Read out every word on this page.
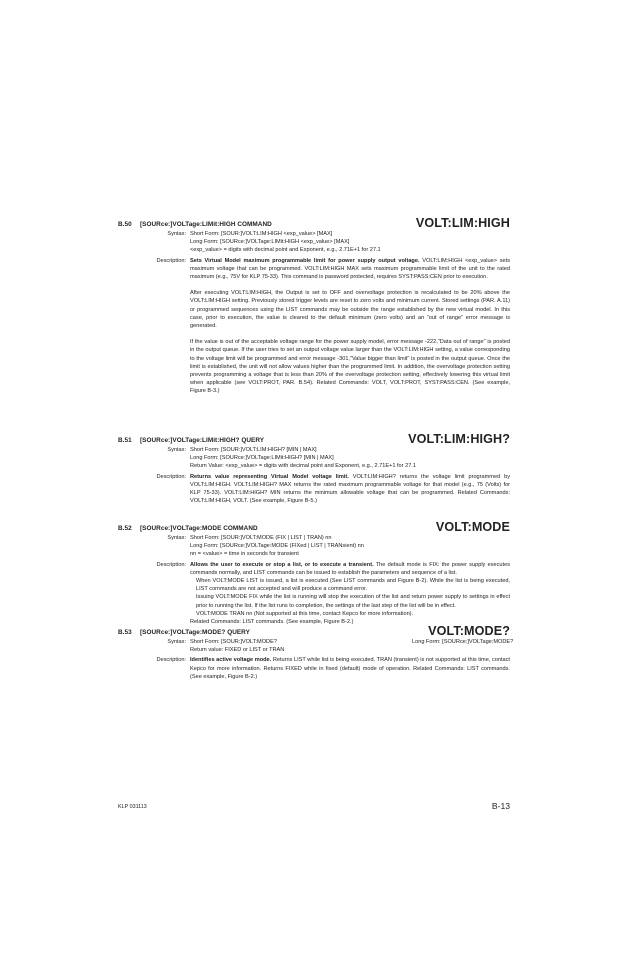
B.50 [SOURce:]VOLTage:LIMit:HIGH COMMAND	VOLT:LIM:HIGH
Syntax: Short Form: [SOUR:]VOLT:LIM:HIGH <exp_value> [MAX]
Long Form: [SOURce:]VOLTage:LIMit:HIGH <exp_value> [MAX]
<exp_value> = digits with decimal point and Exponent, e.g., 2.71E+1 for 27.1
Description: Sets Virtual Model maximum programmable limit for power supply output voltage. VOLT:LIM:HIGH <exp_value> sets maximum voltage that can be programmed. VOLT:LIM:HIGH MAX sets maximum programmable limit of the unit to the rated maximum (e.g., 75V for KLP 75-33). This command is password protected, requires SYST:PASS:CEN prior to execution.
After executing VOLT:LIM:HIGH, the Output is set to OFF and overvoltage protection is recalculated to be 20% above the VOLT:LIM:HIGH setting. Previously stored trigger levels are reset to zero volts and minimum current. Stored settings (PAR. A.11) or programmed sequences using the LIST commands may be outside the range established by the new virtual model. In this case, prior to execution, the value is cleared to the default minimum (zero volts) and an “out of range” error message is generated.
If the value is out of the acceptable voltage range for the power supply model, error message -222,"Data out of range" is posted in the output queue. If the user tries to set an output voltage value larger than the VOLT:LIM:HIGH setting, a value corresponding to the voltage limit will be programmed and error message -301,"Value bigger than limit" is posted in the output queue. Once the limit is established, the unit will not allow values higher than the programmed limit. In addition, the overvoltage protection setting prevents programming a voltage that is less than 20% of the overvoltage protection setting, effectively lowering this virtual limit when applicable (see VOLT:PROT, PAR. B.54). Related Commands: VOLT, VOLT:PROT, SYST:PASS:CEN. (See example, Figure B-3.)
B.51 [SOURce:]VOLTage:LIMit:HIGH? QUERY	VOLT:LIM:HIGH?
Syntax: Short Form: [SOUR:]VOLT:LIM:HIGH? [MIN | MAX]
Long Form: [SOURce:]VOLTage:LIMit:HIGH? [MIN | MAX]
Return Value: <exp_value> = digits with decimal point and Exponent, e.g., 2.71E+1 for 27.1
Description: Returns value representing Virtual Model voltage limit. VOLT:LIM:HIGH? returns the voltage limit programmed by VOLT:LIM:HIGH. VOLT:LIM:HIGH? MAX returns the rated maximum programmable voltage for that model (e.g., 75 (Volts) for KLP 75-33). VOLT:LIM:HIGH? MIN returns the minimum allowable voltage that can be programmed. Related Commands: VOLT:LIM:HIGH, VOLT. (See example, Figure B-5.)
B.52 [SOURce:]VOLTage:MODE COMMAND	VOLT:MODE
Syntax: Short Form: [SOUR:]VOLT:MODE (FIX | LIST | TRAN) nn
Long Form: [SOURce:]VOLTage:MODE (FIXed | LIST | TRANsient) nn
nn = <value> = time in seconds for transient
Description: Allows the user to execute or stop a list, or to execute a transient. The default mode is FIX: the power supply executes commands normally, and LIST commands can be issued to establish the parameters and sequence of a list.
When VOLT:MODE LIST is issued, a list is executed (See LIST commands and Figure B-2). While the list is being executed, LIST commands are not accepted and will produce a command error.
Issuing VOLT:MODE FIX while the list is running will stop the execution of the list and return power supply to settings in effect prior to running the list. If the list runs to completion, the settings of the last step of the list will be in effect.
VOLT:MODE TRAN nn (Not supported at this time, contact Kepco for more information).
Related Commands: LIST commands. (See example, Figure B-2.)
B.53 [SOURce:]VOLTage:MODE? QUERY	VOLT:MODE?
Syntax: Short Form: [SOUR:]VOLT:MODE?	Long Form: [SOURce:]VOLTage:MODE?
Return value: FIXED or LIST or TRAN
Description: Identifies active voltage mode. Returns LIST while list is being executed. TRAN (transient) is not supported at this time, contact Kepco for more information. Returns FIXED while in fixed (default) mode of operation. Related Commands: LIST commands. (See example, Figure B-2.)
KLP 031113	B-13
